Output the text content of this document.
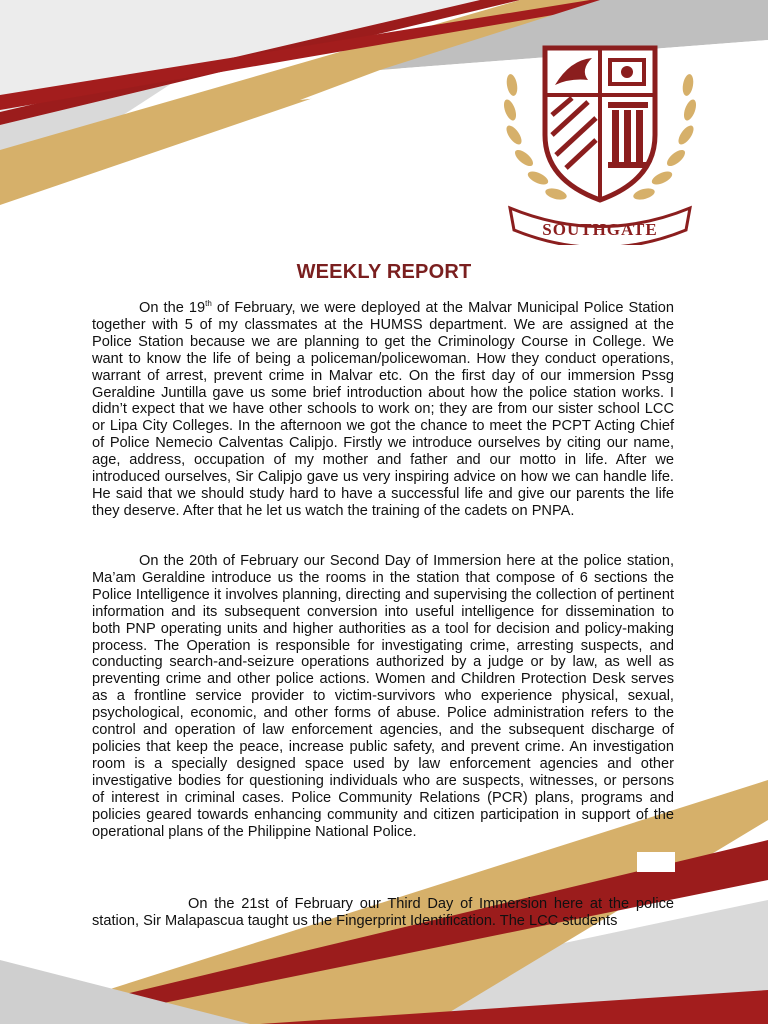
SOUTHGATE
WEEKLY REPORT

On the 19th of February, we were deployed at the Malvar Municipal Police Station together with 5 of my classmates at the HUMSS department. We are assigned at the Police Station because we are planning to get the Criminology Course in College. We want to know the life of being a policeman/policewoman. How they conduct operations, warrant of arrest, prevent crime in Malvar etc. On the first day of our immersion Pssg Geraldine Juntilla gave us some brief introduction about how the police station works. I didn’t expect that we have other schools to work on; they are from our sister school LCC or Lipa City Colleges. In the afternoon we got the chance to meet the PCPT Acting Chief of Police Nemecio Calventas Calipjo. Firstly we introduce ourselves by citing our name, age, address, occupation of my mother and father and our motto in life. After we introduced ourselves, Sir Calipjo gave us very inspiring advice on how we can handle life. He said that we should study hard to have a successful life and give our parents the life they deserve. After that he let us watch the training of the cadets on PNPA.

On the 20th of February our Second Day of Immersion here at the police station, Ma’am Geraldine introduce us the rooms in the station that compose of 6 sections the Police Intelligence it involves planning, directing and supervising the collection of pertinent information and its subsequent conversion into useful intelligence for dissemination to both PNP operating units and higher authorities as a tool for decision and policy-making process. The Operation is responsible for investigating crime, arresting suspects, and conducting search-and-seizure operations authorized by a judge or by law, as well as preventing crime and other police actions. Women and Children Protection Desk serves as a frontline service provider to victim-survivors who experience physical, sexual, psychological, economic, and other forms of abuse. Police administration refers to the control and operation of law enforcement agencies, and the subsequent discharge of policies that keep the peace, increase public safety, and prevent crime. An investigation room is a specially designed space used by law enforcement agencies and other investigative bodies for questioning individuals who are suspects, witnesses, or persons of interest in criminal cases. Police Community Relations (PCR) plans, programs and policies geared towards enhancing community and citizen participation in support of the operational plans of the Philippine National Police.

On the 21st of February our Third Day of Immersion here at the police station, Sir Malapascua taught us the Fingerprint Identification. The LCC students
